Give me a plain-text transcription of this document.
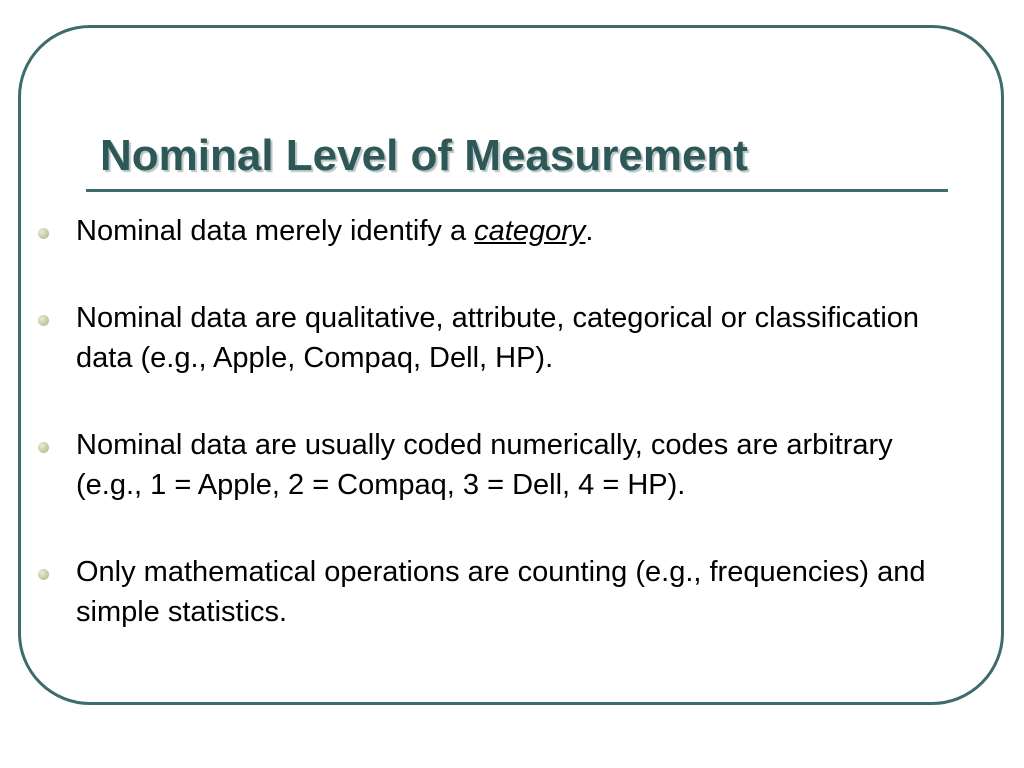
Nominal Level of Measurement
Nominal data merely identify a category.
Nominal data are qualitative, attribute, categorical or classification data (e.g., Apple, Compaq, Dell, HP).
Nominal data are usually coded numerically, codes are arbitrary (e.g., 1 = Apple, 2 = Compaq, 3 = Dell, 4 = HP).
Only mathematical operations are counting (e.g., frequencies) and simple statistics.
